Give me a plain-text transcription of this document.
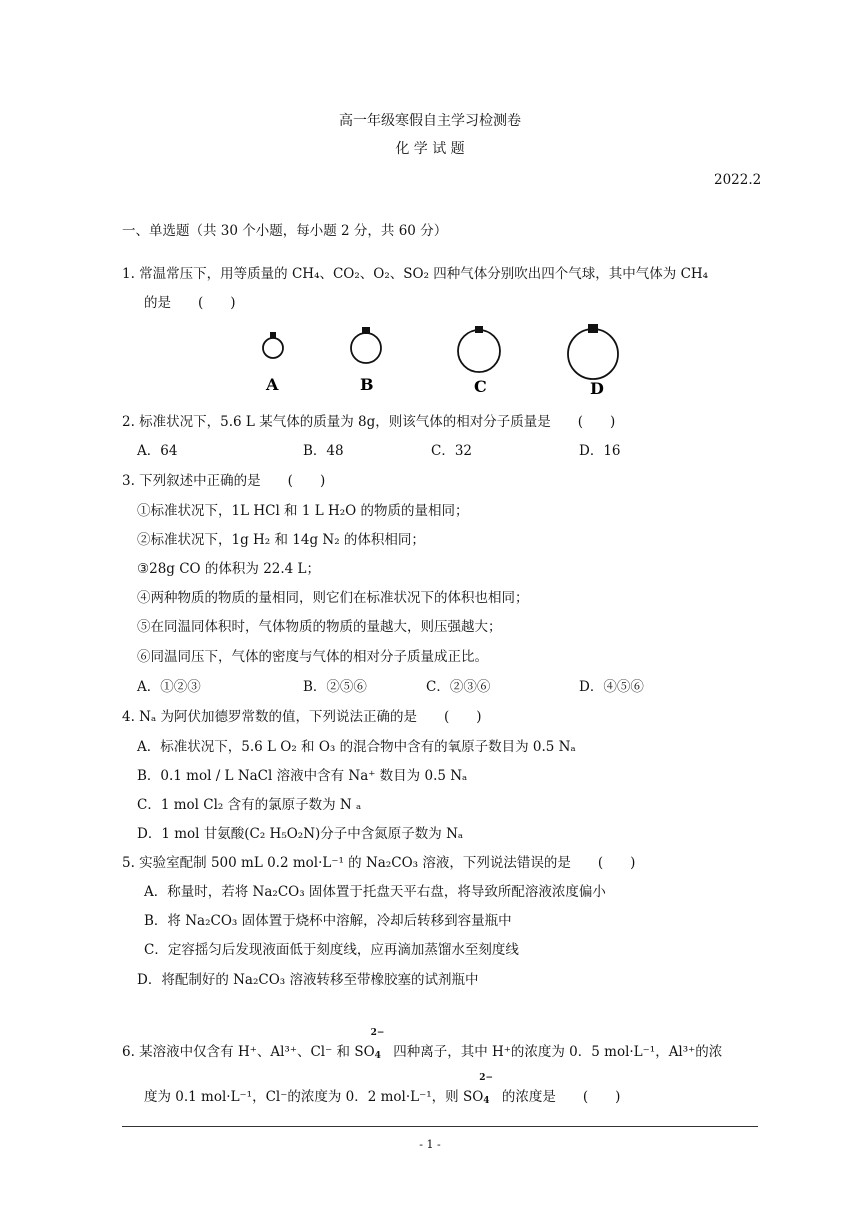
高一年级寒假自主学习检测卷
化 学 试 题
2022.2
一、单选题（共 30 个小题，每小题 2 分，共 60 分）
1. 常温常压下，用等质量的 CH₄、CO₂、O₂、SO₂ 四种气体分别吹出四个气球，其中气体为 CH₄
的是　　(　　)
A	B	C	D
2. 标准状况下，5.6 L 某气体的质量为 8g，则该气体的相对分子质量是　　(　　)
A．64	B．48	C．32	D．16
3. 下列叙述中正确的是　　(　　)
①标准状况下，1L HCl 和 1 L H₂O 的物质的量相同；
②标准状况下，1g H₂ 和 14g N₂ 的体积相同；
③28g CO 的体积为 22.4 L；
④两种物质的物质的量相同，则它们在标准状况下的体积也相同；
⑤在同温同体积时，气体物质的物质的量越大，则压强越大；
⑥同温同压下，气体的密度与气体的相对分子质量成正比。
A．①②③	B．②⑤⑥	C．②③⑥	D．④⑤⑥
4. Nₐ 为阿伏加德罗常数的值，下列说法正确的是　　(　　)
A．标准状况下，5.6 L O₂ 和 O₃ 的混合物中含有的氧原子数目为 0.5 Nₐ
B．0.1 mol / L NaCl 溶液中含有 Na⁺ 数目为 0.5 Nₐ
C．1 mol Cl₂ 含有的氯原子数为 N ₐ
D．1 mol 甘氨酸(C₂ H₅O₂N)分子中含氮原子数为 Nₐ
5. 实验室配制 500 mL 0.2 mol·L⁻¹ 的 Na₂CO₃ 溶液，下列说法错误的是　　(　　)
A．称量时，若将 Na₂CO₃ 固体置于托盘天平右盘，将导致所配溶液浓度偏小
B．将 Na₂CO₃ 固体置于烧杯中溶解，冷却后转移到容量瓶中
C．定容摇匀后发现液面低于刻度线，应再滴加蒸馏水至刻度线
D．将配制好的 Na₂CO₃ 溶液转移至带橡胶塞的试剂瓶中
6. 某溶液中仅含有 H⁺、Al³⁺、Cl⁻ 和 SO
2−
$_4$ 四种离子，其中 H⁺的浓度为 0．5 mol·L⁻¹，Al³⁺的浓
度为 0.1 mol·L⁻¹，Cl⁻的浓度为 0．2 mol·L⁻¹，则 SO
2−
$_4$ 的浓度是　　(　　)
- 1 -
